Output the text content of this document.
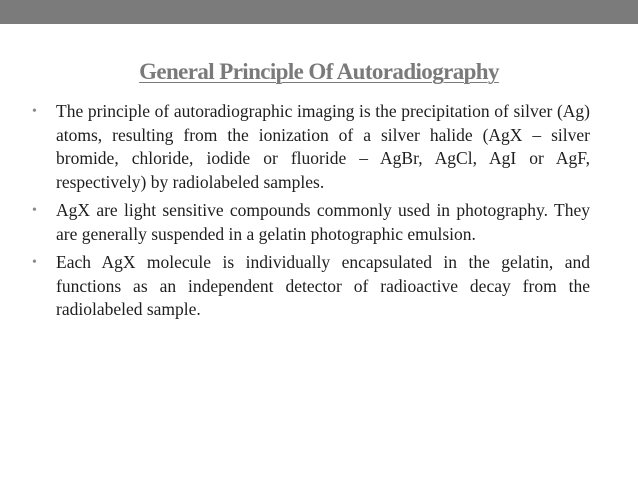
General Principle Of Autoradiography
• The principle of autoradiographic imaging is the precipitation of silver (Ag) atoms, resulting from the ionization of a silver halide (AgX – silver bromide, chloride, iodide or fluoride – AgBr, AgCl, AgI or AgF, respectively) by radiolabeled samples.
• AgX are light sensitive compounds commonly used in photography. They are generally suspended in a gelatin photographic emulsion.
• Each AgX molecule is individually encapsulated in the gelatin, and functions as an independent detector of radioactive decay from the radiolabeled sample.
